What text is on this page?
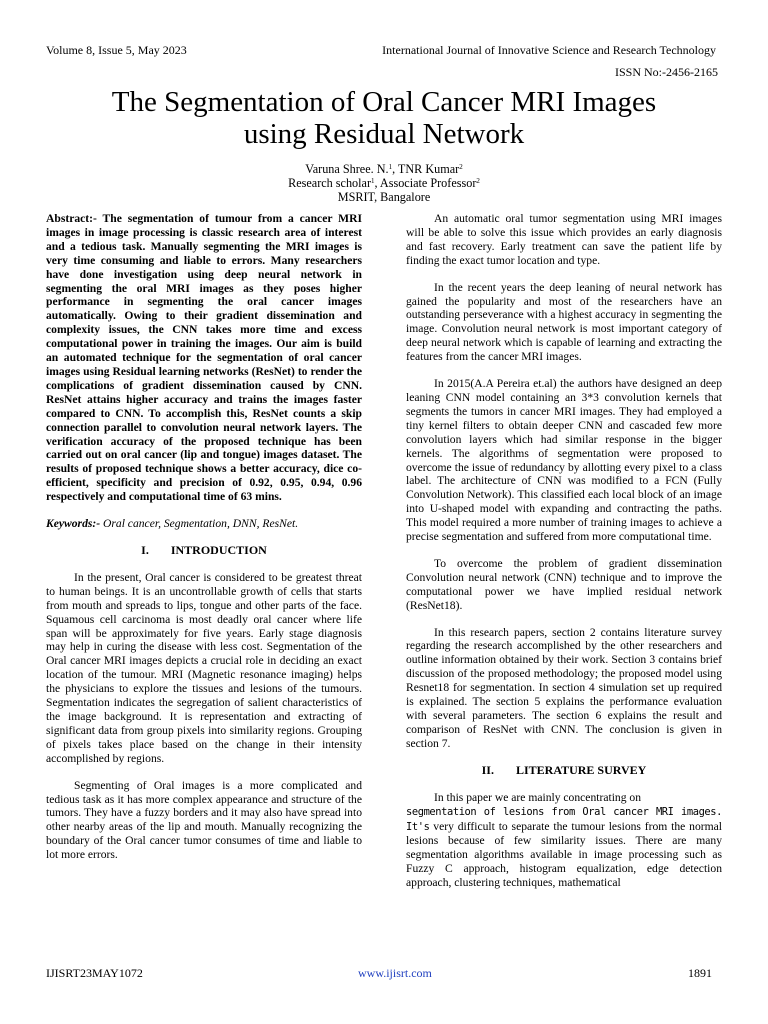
Volume 8, Issue 5, May 2023	International Journal of Innovative Science and Research Technology
ISSN No:-2456-2165
The Segmentation of Oral Cancer MRI Images
using Residual Network
Varuna Shree. N.$^1$, TNR Kumar$^2$
Research scholar$^1$, Associate Professor$^2$
MSRIT, Bangalore

Abstract:- The segmentation of tumour from a cancer MRI images in image processing is classic research area of interest and a tedious task. Manually segmenting the MRI images is very time consuming and liable to errors. Many researchers have done investigation using deep neural network in segmenting the oral MRI images as they poses higher performance in segmenting the oral cancer images automatically. Owing to their gradient dissemination and complexity issues, the CNN takes more time and excess computational power in training the images. Our aim is build an automated technique for the segmentation of oral cancer images using Residual learning networks (ResNet) to render the complications of gradient dissemination caused by CNN. ResNet attains higher accuracy and trains the images faster compared to CNN. To accomplish this, ResNet counts a skip connection parallel to convolution neural network layers. The verification accuracy of the proposed technique has been carried out on oral cancer (lip and tongue) images dataset. The results of proposed technique shows a better accuracy, dice co-efficient, specificity and precision of 0.92, 0.95, 0.94, 0.96 respectively and computational time of 63 mins.

Keywords:- Oral cancer, Segmentation, DNN, ResNet.

I. INTRODUCTION

In the present, Oral cancer is considered to be greatest threat to human beings. It is an uncontrollable growth of cells that starts from mouth and spreads to lips, tongue and other parts of the face. Squamous cell carcinoma is most deadly oral cancer where life span will be approximately for five years. Early stage diagnosis may help in curing the disease with less cost. Segmentation of the Oral cancer MRI images depicts a crucial role in deciding an exact location of the tumour. MRI (Magnetic resonance imaging) helps the physicians to explore the tissues and lesions of the tumours. Segmentation indicates the segregation of salient characteristics of the image background. It is representation and extracting of significant data from group pixels into similarity regions. Grouping of pixels takes place based on the change in their intensity accomplished by regions.

Segmenting of Oral images is a more complicated and tedious task as it has more complex appearance and structure of the tumors. They have a fuzzy borders and it may also have spread into other nearby areas of the lip and mouth. Manually recognizing the boundary of the Oral cancer tumor consumes of time and liable to lot more errors.

An automatic oral tumor segmentation using MRI images will be able to solve this issue which provides an early diagnosis and fast recovery. Early treatment can save the patient life by finding the exact tumor location and type.

In the recent years the deep leaning of neural network has gained the popularity and most of the researchers have an outstanding perseverance with a highest accuracy in segmenting the image. Convolution neural network is most important category of deep neural network which is capable of learning and extracting the features from the cancer MRI images.

In 2015(A.A Pereira et.al) the authors have designed an deep leaning CNN model containing an 3*3 convolution kernels that segments the tumors in cancer MRI images. They had employed a tiny kernel filters to obtain deeper CNN and cascaded few more convolution layers which had similar response in the bigger kernels. The algorithms of segmentation were proposed to overcome the issue of redundancy by allotting every pixel to a class label. The architecture of CNN was modified to a FCN (Fully Convolution Network). This classified each local block of an image into U-shaped model with expanding and contracting the paths. This model required a more number of training images to achieve a precise segmentation and suffered from more computational time.

To overcome the problem of gradient dissemination Convolution neural network (CNN) technique and to improve the computational power we have implied residual network (ResNet18).

In this research papers, section 2 contains literature survey regarding the research accomplished by the other researchers and outline information obtained by their work. Section 3 contains brief discussion of the proposed methodology; the proposed model using Resnet18 for segmentation. In section 4 simulation set up required is explained. The section 5 explains the performance evaluation with several parameters. The section 6 explains the result and comparison of ResNet with CNN. The conclusion is given in section 7.

II. LITERATURE SURVEY

In this paper we are mainly concentrating on
segmentation of lesions from Oral cancer MRI images. It's very difficult to separate the tumour lesions from the normal lesions because of few similarity issues. There are many segmentation algorithms available in image processing such as Fuzzy C approach, histogram equalization, edge detection approach, clustering techniques, mathematical

IJISRT23MAY1072	www.ijisrt.com	1891
